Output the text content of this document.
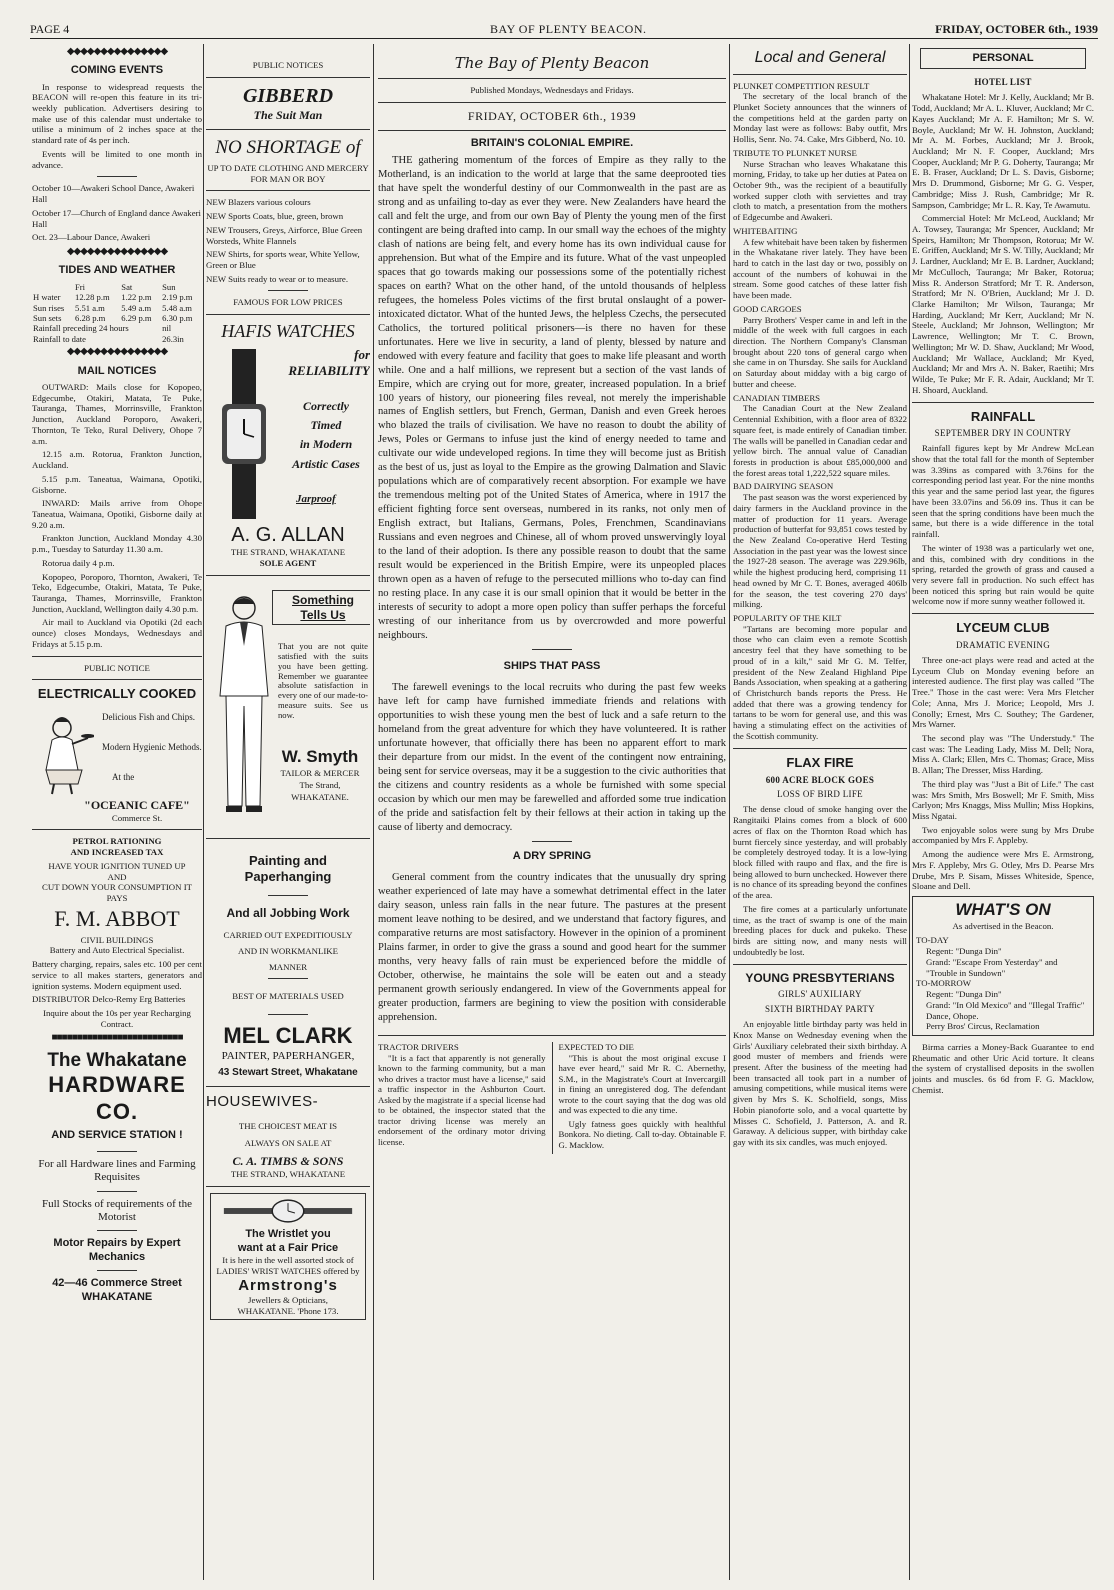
PAGE 4	BAY OF PLENTY BEACON.	FRIDAY, OCTOBER 6th., 1939
◆◆◆◆◆◆◆◆◆◆◆◆◆◆◆
COMING EVENTS

In response to widespread requests the BEACON will re-open this feature in its tri-weekly publication. Advertisers desiring to make use of this calendar must undertake to utilise a minimum of 2 inches space at the standard rate of 4s per inch.

Events will be limited to one month in advance.

October 10—Awakeri School Dance, Awakeri Hall

October 17—Church of England dance Awakeri Hall

Oct. 23—Labour Dance, Awakeri

◆◆◆◆◆◆◆◆◆◆◆◆◆◆◆
TIDES AND WEATHER
	Fri	Sat	Sun
H water	12.28 p.m	1.22 p.m	2.19 p.m
Sun rises	5.51 a.m	5.49 a.m	5.48 a.m
Sun sets	6.28 p.m	6.29 p.m	6.30 p.m
Rainfall preceding 24 hours			nil
Rainfall to date			26.3in
◆◆◆◆◆◆◆◆◆◆◆◆◆◆◆
MAIL NOTICES

OUTWARD: Mails close for Kopopeo, Edgecumbe, Otakiri, Matata, Te Puke, Tauranga, Thames, Morrinsville, Frankton Junction, Auckland Poroporo, Awakeri, Thornton, Te Teko, Rural Delivery, Ohope 7 a.m.

12.15 a.m. Rotorua, Frankton Junction, Auckland.

5.15 p.m. Taneatua, Waimana, Opotiki, Gisborne.

INWARD: Mails arrive from Ohope Taneatua, Waimana, Opotiki, Gisborne daily at 9.20 a.m.

Frankton Junction, Auckland Monday 4.30 p.m., Tuesday to Saturday 11.30 a.m.

Rotorua daily 4 p.m.

Kopopeo, Poroporo, Thornton, Awakeri, Te Teko, Edgecumbe, Otakiri, Matata, Te Puke, Tauranga, Thames, Morrinsville, Frankton Junction, Auckland, Wellington daily 4.30 p.m.

Air mail to Auckland via Opotiki (2d each ounce) closes Mondays, Wednesdays and Fridays at 5.15 p.m.

PUBLIC NOTICE
ELECTRICALLY COOKED
Delicious Fish and Chips.
Modern Hygienic Methods.
At the
"OCEANIC CAFE"
Commerce St.
PETROL RATIONING
AND INCREASED TAX
HAVE YOUR IGNITION TUNED UP
AND
CUT DOWN YOUR CONSUMPTION IT PAYS
F. M. ABBOT
CIVIL BUILDINGS
Battery and Auto Electrical Specialist.

Battery charging, repairs, sales etc. 100 per cent service to all makes starters, generators and ignition systems. Modern equipment used.

DISTRIBUTOR Delco-Remy Erg Batteries

Inquire about the 10s per year Recharging Contract.

■■■■■■■■■■■■■■■■■■■■■■■■■■
The Whakatane
HARDWARE CO.
AND SERVICE STATION !
For all Hardware lines and Farming Requisites
Full Stocks of requirements of the Motorist
Motor Repairs by Expert Mechanics
42—46 Commerce Street
WHAKATANE
PUBLIC NOTICES
GIBBERD
The Suit Man
NO SHORTAGE of
UP TO DATE CLOTHING AND MERCERY FOR MAN OR BOY

NEW Blazers various colours

NEW Sports Coats, blue, green, brown

NEW Trousers, Greys, Airforce, Blue Green Worsteds, White Flannels

NEW Shirts, for sports wear, White Yellow, Green or Blue

NEW Suits ready to wear or to measure.

FAMOUS FOR LOW PRICES
HAFIS WATCHES
for
RELIABILITY
Correctly
Timed
in Modern
Artistic Cases
Jarproof
A. G. ALLAN
THE STRAND, WHAKATANE
SOLE AGENT
Something
Tells Us
That you are not quite satisfied with the suits you have been getting. Remember we guarantee absolute satisfaction in every one of our made-to-measure suits. See us now.
W. Smyth
TAILOR & MERCER
The Strand,
WHAKATANE.
Painting and Paperhanging
And all Jobbing Work
CARRIED OUT EXPEDITIOUSLY
AND IN WORKMANLIKE
MANNER
BEST OF MATERIALS USED
MEL CLARK
PAINTER, PAPERHANGER,
43 Stewart Street, Whakatane
HOUSEWIVES-
THE CHOICEST MEAT IS
ALWAYS ON SALE AT
C. A. TIMBS & SONS
THE STRAND, WHAKATANE
The Wristlet you
want at a Fair Price
It is here in the well assorted stock of LADIES' WRIST WATCHES offered by
Armstrong's
Jewellers & Opticians,
WHAKATANE. 'Phone 173.
The Bay of Plenty Beacon
Published Mondays, Wednesdays and Fridays.
FRIDAY, OCTOBER 6th., 1939
BRITAIN'S COLONIAL EMPIRE.

THE gathering momentum of the forces of Empire as they rally to the Motherland, is an indication to the world at large that the same deeprooted ties that have spelt the wonderful destiny of our Commonwealth in the past are as strong and as unfailing to-day as ever they were. New Zealanders have heard the call and felt the urge, and from our own Bay of Plenty the young men of the first contingent are being drafted into camp. In our small way the echoes of the mighty clash of nations are being felt, and every home has its own individual cause for apprehension. But what of the Empire and its future. What of the vast unpeopled spaces that go towards making our possessions some of the potentially richest spaces on earth? What on the other hand, of the untold thousands of helpless refugees, the homeless Poles victims of the first brutal onslaught of a power-intoxicated dictator. What of the hunted Jews, the helpless Czechs, the persecuted Catholics, the tortured political prisoners—is there no haven for these unfortunates. Here we live in security, a land of plenty, blessed by nature and endowed with every feature and facility that goes to make life pleasant and worth while. One and a half millions, we represent but a section of the vast lands of Empire, which are crying out for more, greater, increased population. In a brief 100 years of history, our pioneering files reveal, not merely the imperishable names of English settlers, but French, German, Danish and even Greek heroes who blazed the trails of civilisation. We have no reason to doubt the ability of Jews, Poles or Germans to infuse just the kind of energy needed to tame and cultivate our wide undeveloped regions. In time they will become just as British as the best of us, just as loyal to the Empire as the growing Dalmation and Slavic populations which are of comparatively recent absorption. For example we have the tremendous melting pot of the United States of America, where in 1917 the efficient fighting force sent overseas, numbered in its ranks, not only men of English extract, but Italians, Germans, Poles, Frenchmen, Scandinavians Russians and even negroes and Chinese, all of whom proved unswervingly loyal to the land of their adoption. Is there any possible reason to doubt that the same result would be experienced in the British Empire, were its unpeopled places thrown open as a haven of refuge to the persecuted millions who to-day can find no resting place. In any case it is our small opinion that it would be better in the interests of security to adopt a more open policy than suffer perhaps the forceful wresting of our inheritance from us by overcrowded and more powerful neighbours.

SHIPS THAT PASS

The farewell evenings to the local recruits who during the past few weeks have left for camp have furnished immediate friends and relations with opportunities to wish these young men the best of luck and a safe return to the homeland from the great adventure for which they have volunteered. It is rather unfortunate however, that officially there has been no apparent effort to mark their departure from our midst. In the event of the contingent now entraining, being sent for service overseas, may it be a suggestion to the civic authorities that the citizens and country residents as a whole be furnished with some special occasion by which our men may be farewelled and afforded some true indication of the pride and satisfaction felt by their fellows at their action in taking up the cause of liberty and democracy.

A DRY SPRING

General comment from the country indicates that the unusually dry spring weather experienced of late may have a somewhat detrimental effect in the later dairy season, unless rain falls in the near future. The pastures at the present moment leave nothing to be desired, and we understand that factory figures, and comparative returns are most satisfactory. However in the opinion of a prominent Plains farmer, in order to give the grass a sound and good heart for the summer months, very heavy falls of rain must be experienced before the middle of October, otherwise, he maintains the sole will be eaten out and a steady permanent growth seriously endangered. In view of the Governments appeal for greater production, farmers are begining to view the position with considerable apprehension.

TRACTOR DRIVERS

"It is a fact that apparently is not generally known to the farming community, but a man who drives a tractor must have a license," said a traffic inspector in the Ashburton Court. Asked by the magistrate if a special license had to be obtained, the inspector stated that the tractor driving license was merely an endorsement of the ordinary motor driving license.

EXPECTED TO DIE

"This is about the most original excuse I have ever heard," said Mr R. C. Abernethy, S.M., in the Magistrate's Court at Invercargill in fining an unregistered dog. The defendant wrote to the court saying that the dog was old and was expected to die any time.

Ugly fatness goes quickly with healthful Bonkora. No dieting. Call to-day. Obtainable F. G. Macklow.

Local and General
PLUNKET COMPETITION RESULT

The secretary of the local branch of the Plunket Society announces that the winners of the competitions held at the garden party on Monday last were as follows: Baby outfit, Mrs Hollis, Senr. No. 74. Cake, Mrs Gibberd, No. 10.

TRIBUTE TO PLUNKET NURSE

Nurse Strachan who leaves Whakatane this morning, Friday, to take up her duties at Patea on October 9th., was the recipient of a beautifully worked supper cloth with serviettes and tray cloth to match, a presentation from the mothers of Edgecumbe and Awakeri.

WHITEBAITING

A few whitebait have been taken by fishermen in the Whakatane river lately. They have been hard to catch in the last day or two, possibly on account of the numbers of kohuwai in the stream. Some good catches of these latter fish have been made.

GOOD CARGOES

Parry Brothers' Vesper came in and left in the middle of the week with full cargoes in each direction. The Northern Company's Clansman brought about 220 tons of general cargo when she came in on Thursday. She sails for Auckland on Saturday about midday with a big cargo of butter and cheese.

CANADIAN TIMBERS

The Canadian Court at the New Zealand Centennial Exhibition, with a floor area of 8322 square feet, is made entirely of Canadian timber. The walls will be panelled in Canadian cedar and yellow birch. The annual value of Canadian forests in production is about £85,000,000 and the forest areas total 1,222,522 square miles.

BAD DAIRYING SEASON

The past season was the worst experienced by dairy farmers in the Auckland province in the matter of production for 11 years. Average production of butterfat for 93,851 cows tested by the New Zealand Co-operative Herd Testing Association in the past year was the lowest since the 1927-28 season. The average was 229.96lb, while the highest producing herd, comprising 11 head owned by Mr C. T. Bones, averaged 406lb for the season, the test covering 270 days' milking.

POPULARITY OF THE KILT

"Tartans are becoming more popular and those who can claim even a remote Scottish ancestry feel that they have something to be proud of in a kilt," said Mr G. M. Telfer, president of the New Zealand Highland Pipe Bands Association, when speaking at a gathering of Christchurch bands reports the Press. He added that there was a growing tendency for tartans to be worn for general use, and this was having a stimulating effect on the activities of the Scottish community.

FLAX FIRE
600 ACRE BLOCK GOES
LOSS OF BIRD LIFE

The dense cloud of smoke hanging over the Rangitaiki Plains comes from a block of 600 acres of flax on the Thornton Road which has burnt fiercely since yesterday, and will probably be completely destroyed today. It is a low-lying block filled with raupo and flax, and the fire is being allowed to burn unchecked. However there is no chance of its spreading beyond the confines of the area.

The fire comes at a particularly unfortunate time, as the tract of swamp is one of the main breeding places for duck and pukeko. These birds are sitting now, and many nests will undoubtedly be lost.

YOUNG PRESBYTERIANS
GIRLS' AUXILIARY
SIXTH BIRTHDAY PARTY

An enjoyable little birthday party was held in Knox Manse on Wednesday evening when the Girls' Auxiliary celebrated their sixth birthday. A good muster of members and friends were present. After the business of the meeting had been transacted all took part in a number of amusing competitions, while musical items were given by Mrs S. K. Scholfield, songs, Miss Hobin pianoforte solo, and a vocal quartette by Misses C. Schofield, J. Patterson, A. and R. Garaway. A delicious supper, with birthday cake gay with its six candles, was much enjoyed.

PERSONAL
HOTEL LIST

Whakatane Hotel: Mr J. Kelly, Auckland; Mr B. Todd, Auckland; Mr A. L. Kluver, Auckland; Mr C. Kayes Auckland; Mr A. F. Hamilton; Mr S. W. Boyle, Auckland; Mr W. H. Johnston, Auckland; Mr A. M. Forbes, Auckland; Mr J. Brook, Auckland; Mr N. F. Cooper, Auckland; Mrs Cooper, Auckland; Mr P. G. Doherty, Tauranga; Mr E. B. Fraser, Auckland; Dr L. S. Davis, Gisborne; Mrs D. Drummond, Gisborne; Mr G. G. Vesper, Cambridge; Miss J. Rush, Cambridge; Mr R. Sampson, Cambridge; Mr L. R. Kay, Te Awamutu.

Commercial Hotel: Mr McLeod, Auckland; Mr A. Towsey, Tauranga; Mr Spencer, Auckland; Mr Speirs, Hamilton; Mr Thompson, Rotorua; Mr W. E. Griffen, Auckland; Mr S. W. Tilly, Auckland; Mr J. Lardner, Auckland; Mr E. B. Lardner, Auckland; Mr McCulloch, Tauranga; Mr Baker, Rotorua; Miss R. Anderson Stratford; Mr T. R. Anderson, Stratford; Mr N. O'Brien, Auckland; Mr J. D. Clarke Hamilton; Mr Wilson, Tauranga; Mr Harding, Auckland; Mr Kerr, Auckland; Mr N. Steele, Auckland; Mr Johnson, Wellington; Mr Lawrence, Wellington; Mr T. C. Brown, Wellington; Mr W. D. Shaw, Auckland; Mr Wood, Auckland; Mr Wallace, Auckland; Mr Kyed, Auckland; Mr and Mrs A. N. Baker, Raetihi; Mrs Wilde, Te Puke; Mr F. R. Adair, Auckland; Mr T. H. Shoard, Auckland.

RAINFALL
SEPTEMBER DRY IN COUNTRY

Rainfall figures kept by Mr Andrew McLean show that the total fall for the month of September was 3.39ins as compared with 3.76ins for the corresponding period last year. For the nine months this year and the same period last year, the figures have been 33.07ins and 56.09 ins. Thus it can be seen that the spring conditions have been much the same, but there is a wide difference in the total rainfall.

The winter of 1938 was a particularly wet one, and this, combined with dry conditions in the spring, retarded the growth of grass and caused a very severe fall in production. No such effect has been noticed this spring but rain would be quite welcome now if more sunny weather followed it.

LYCEUM CLUB
DRAMATIC EVENING

Three one-act plays were read and acted at the Lyceum Club on Monday evening before an interested audience. The first play was called "The Tree." Those in the cast were: Vera Mrs Fletcher Cole; Anna, Mrs J. Morice; Leopold, Mrs J. Conolly; Ernest, Mrs C. Southey; The Gardener, Mrs Warner.

The second play was "The Understudy." The cast was: The Leading Lady, Miss M. Dell; Nora, Miss A. Clark; Ellen, Mrs C. Thomas; Grace, Miss B. Allan; The Dresser, Miss Harding.

The third play was "Just a Bit of Life." The cast was: Mrs Smith, Mrs Boswell; Mr F. Smith, Miss Carlyon; Mrs Knaggs, Miss Mullin; Miss Hopkins, Miss Ngatai.

Two enjoyable solos were sung by Mrs Drube accompanied by Mrs F. Appleby.

Among the audience were Mrs E. Armstrong, Mrs F. Appleby, Mrs G. Otley, Mrs D. Pearse Mrs Drube, Mrs P. Sisam, Misses Whiteside, Spence, Sloane and Dell.

WHAT'S ON
As advertised in the Beacon.
TO-DAY
Regent: "Dunga Din"
Grand: "Escape From Yesterday" and "Trouble in Sundown"
TO-MORROW
Regent: "Dunga Din"
Grand: "In Old Mexico" and "Illegal Traffic"
Dance, Ohope.
Perry Bros' Circus, Reclamation

Birma carries a Money-Back Guarantee to end Rheumatic and other Uric Acid torture. It cleans the system of crystallised deposits in the swollen joints and muscles. 6s 6d from F. G. Macklow, Chemist.
